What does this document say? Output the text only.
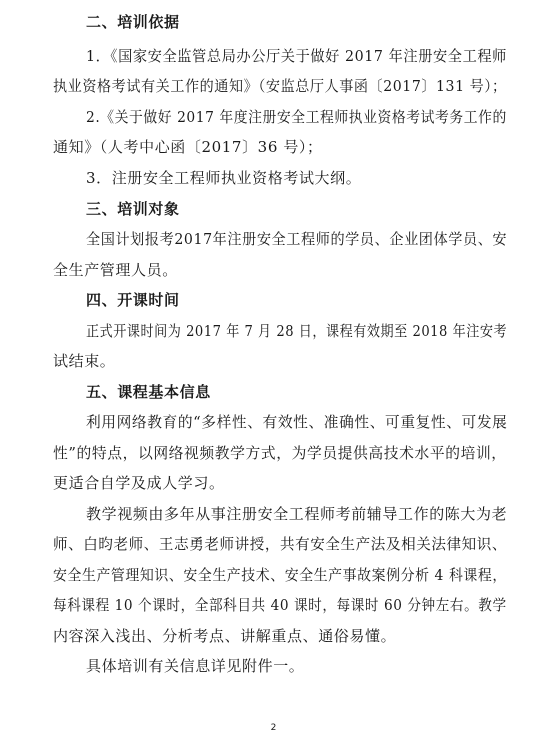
二、培训依据
1．《国家安全监管总局办公厅关于做好 2017 年注册安全工程师
执业资格考试有关工作的通知》（安监总厅人事函〔2017〕131 号）；
2.《关于做好 2017 年度注册安全工程师执业资格考试考务工作的
通知》（人考中心函〔2017〕36 号）；
3．注册安全工程师执业资格考试大纲。
三、培训对象
全国计划报考2017年注册安全工程师的学员、企业团体学员、安
全生产管理人员。
四、开课时间
正式开课时间为 2017 年 7 月 28 日，课程有效期至 2018 年注安考
试结束。
五、课程基本信息
利用网络教育的“多样性、有效性、准确性、可重复性、可发展
性”的特点，以网络视频教学方式，为学员提供高技术水平的培训，
更适合自学及成人学习。
教学视频由多年从事注册安全工程师考前辅导工作的陈大为老
师、白昀老师、王志勇老师讲授，共有安全生产法及相关法律知识、
安全生产管理知识、安全生产技术、安全生产事故案例分析 4 科课程，
每科课程 10 个课时，全部科目共 40 课时，每课时 60 分钟左右。教学
内容深入浅出、分析考点、讲解重点、通俗易懂。
具体培训有关信息详见附件一。
2
